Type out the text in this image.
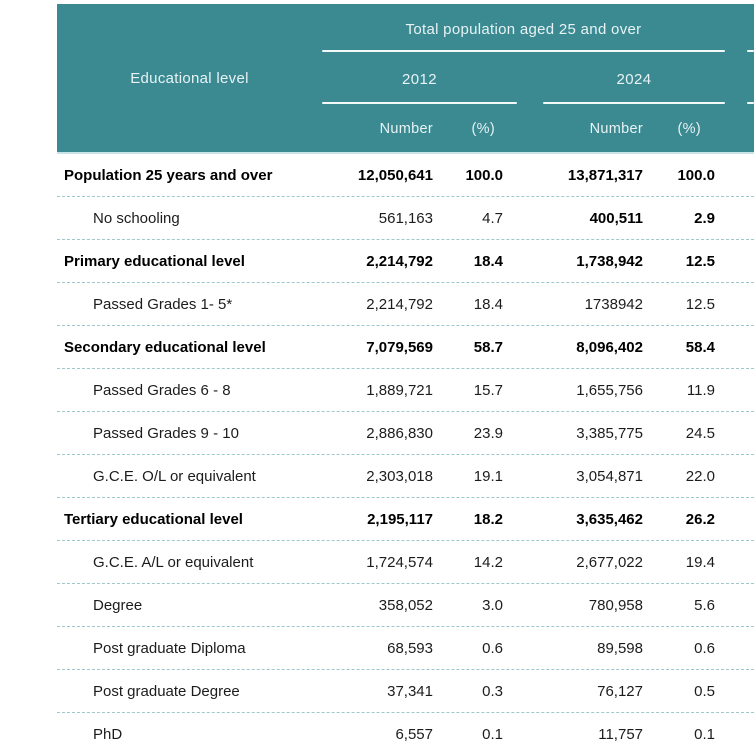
Educational level
Total population aged 25 and over
2012	2024
Number	(%)	Number	(%)
Population 25 years and over	12,050,641	100.0	13,871,317	100.0
No schooling	561,163	4.7	400,511	2.9
Primary educational level	2,214,792	18.4	1,738,942	12.5
Passed Grades 1- 5*	2,214,792	18.4	1738942	12.5
Secondary educational level	7,079,569	58.7	8,096,402	58.4
Passed Grades 6 - 8	1,889,721	15.7	1,655,756	11.9
Passed Grades 9 - 10	2,886,830	23.9	3,385,775	24.5
G.C.E. O/L or equivalent	2,303,018	19.1	3,054,871	22.0
Tertiary educational level	2,195,117	18.2	3,635,462	26.2
G.C.E. A/L or equivalent	1,724,574	14.2	2,677,022	19.4
Degree	358,052	3.0	780,958	5.6
Post graduate Diploma	68,593	0.6	89,598	0.6
Post graduate Degree	37,341	0.3	76,127	0.5
PhD	6,557	0.1	11,757	0.1
